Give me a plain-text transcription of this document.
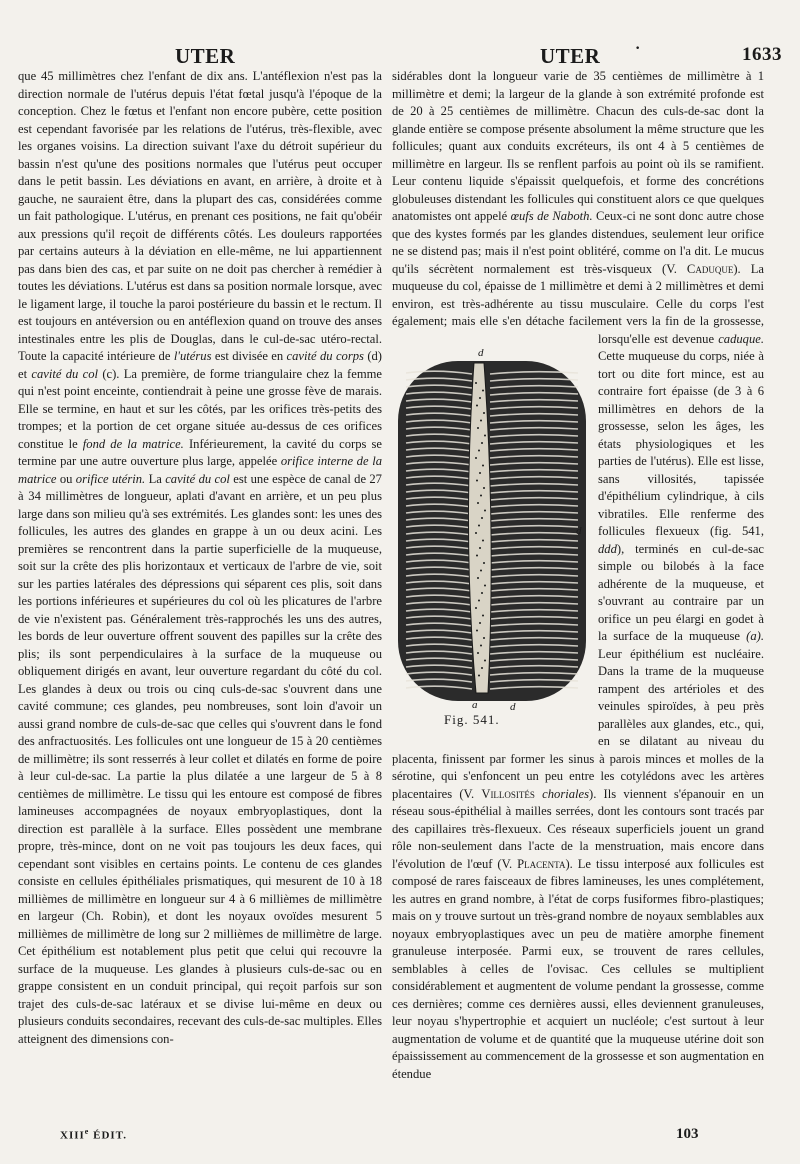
UTER	UTER ·	1633

que 45 millimètres chez l'enfant de dix ans. L'antéflexion n'est pas la direction normale de l'utérus depuis l'état fœtal jusqu'à l'époque de la conception. Chez le fœtus et l'enfant non encore pubère, cette position est cependant favorisée par les relations de l'utérus, très-flexible, avec les organes voisins. La direction suivant l'axe du détroit supérieur du bassin n'est qu'une des positions normales que l'utérus peut occuper dans le petit bassin. Les déviations en avant, en arrière, à droite et à gauche, ne sauraient être, dans la plupart des cas, considérées comme un fait pathologique. L'utérus, en prenant ces positions, ne fait qu'obéir aux pressions qu'il reçoit de différents côtés. Les douleurs rapportées par certains auteurs à la déviation en elle-même, ne lui appartiennent pas dans bien des cas, et par suite on ne doit pas chercher à remédier à toutes les déviations. L'utérus est dans sa position normale lorsque, avec le ligament large, il touche la paroi postérieure du bassin et le rectum. Il est toujours en antéversion ou en antéflexion quand on trouve des anses intestinales entre les plis de Douglas, dans le cul-de-sac utéro-rectal. Toute la capacité intérieure de l'utérus est divisée en cavité du corps (d) et cavité du col (c). La première, de forme triangulaire chez la femme qui n'est point enceinte, contiendrait à peine une grosse fève de marais. Elle se termine, en haut et sur les côtés, par les orifices très-petits des trompes; et la portion de cet organe située au-dessus de ces orifices constitue le fond de la matrice. Inférieurement, la cavité du corps se termine par une autre ouverture plus large, appelée orifice interne de la matrice ou orifice utérin. La cavité du col est une espèce de canal de 27 à 34 millimètres de longueur, aplati d'avant en arrière, et un peu plus large dans son milieu qu'à ses extrémités. Les glandes sont: les unes des follicules, les autres des glandes en grappe à un ou deux acini. Les premières se rencontrent dans la partie superficielle de la muqueuse, soit sur la crête des plis horizontaux et verticaux de l'arbre de vie, soit sur les parties latérales des dépressions qui séparent ces plis, soit dans les portions inférieures et supérieures du col où les plicatures de l'arbre de vie n'existent pas. Généralement très-rapprochés les uns des autres, les bords de leur ouverture offrent souvent des papilles sur la crête des plis; ils sont perpendiculaires à la surface de la muqueuse ou obliquement dirigés en avant, leur ouverture regardant du côté du col. Les glandes à deux ou trois ou cinq culs-de-sac s'ouvrent dans une cavité commune; ces glandes, peu nombreuses, sont loin d'avoir un aussi grand nombre de culs-de-sac que celles qui s'ouvrent dans le fond des anfractuosités. Les follicules ont une longueur de 15 à 20 centièmes de millimètre; ils sont resserrés à leur collet et dilatés en forme de poire à leur cul-de-sac. La partie la plus dilatée a une largeur de 5 à 8 centièmes de millimètre. Le tissu qui les entoure est composé de fibres lamineuses accompagnées de noyaux embryoplastiques, dont la direction est parallèle à la surface. Elles possèdent une membrane propre, très-mince, dont on ne voit pas toujours les deux faces, qui cependant sont visibles en certains points. Le contenu de ces glandes consiste en cellules épithéliales prismatiques, qui mesurent de 10 à 18 millièmes de millimètre en longueur sur 4 à 6 millièmes de millimètre en largeur (Ch. Robin), et dont les noyaux ovoïdes mesurent 5 millièmes de millimètre de long sur 2 millièmes de millimètre de large. Cet épithélium est notablement plus petit que celui qui recouvre la surface de la muqueuse. Les glandes à plusieurs culs-de-sac ou en grappe consistent en un conduit principal, qui reçoit parfois sur son trajet des culs-de-sac latéraux et se divise lui-même en deux ou plusieurs conduits secondaires, recevant des culs-de-sac multiples. Elles atteignent des dimensions con-

sidérables dont la longueur varie de 35 centièmes de millimètre à 1 millimètre et demi; la largeur de la glande à son extrémité profonde est de 20 à 25 centièmes de millimètre. Chacun des culs-de-sac dont la glande entière se compose présente absolument la même structure que les follicules; quant aux conduits excréteurs, ils ont 4 à 5 centièmes de millimètre en largeur. Ils se renflent parfois au point où ils se ramifient. Leur contenu liquide s'épaissit quelquefois, et forme des concrétions globuleuses distendant les follicules qui constituent alors ce que quelques anatomistes ont appelé œufs de Naboth. Ceux-ci ne sont donc autre chose que des kystes formés par les glandes distendues, seulement leur orifice ne se distend pas; mais il n'est point oblitéré, comme on l'a dit. Le mucus qu'ils sécrètent normalement est très-visqueux (V. Caduque). La muqueuse du col, épaisse de 1 millimètre et demi à 2 millimètres et demi environ, est très-adhérente au tissu musculaire. Celle du corps l'est également; mais elle s'en détache facilement vers la fin de la grossesse, lorsqu'elle est devenue
d
d
a	d
Fig. 541.
caduque. Cette muqueuse du corps, niée à tort ou dite fort mince, est au contraire fort épaisse (de 3 à 6 millimètres en dehors de la grossesse, selon les âges, les états physiologiques et les parties de l'utérus). Elle est lisse, sans villosités, tapissée d'épithélium cylindrique, à cils vibratiles. Elle renferme des follicules flexueux (fig. 541, ddd), terminés en cul-de-sac simple ou bilobés à la face adhérente de la muqueuse, et s'ouvrant au contraire par un orifice un peu élargi en godet à la surface de la muqueuse (a). Leur épithélium est nucléaire. Dans la trame de la muqueuse rampent des artérioles et des veinules spiroïdes, à peu près parallèles aux glandes, etc., qui, en se dilatant au niveau du placenta, finissent par former les sinus à parois minces et molles de la sérotine, qui s'enfoncent un peu entre les cotylédons avec les artères placentaires (V. Villosités choriales). Ils viennent s'épanouir en un réseau sous-épithélial à mailles serrées, dont les contours sont tracés par des capillaires très-flexueux. Ces réseaux superficiels jouent un grand rôle non-seulement dans l'acte de la menstruation, mais encore dans l'évolution de l'œuf (V. Placenta). Le tissu interposé aux follicules est composé de rares faisceaux de fibres lamineuses, les unes complétement, les autres en grand nombre, à l'état de corps fusiformes fibro-plastiques; mais on y trouve surtout un très-grand nombre de noyaux semblables aux noyaux embryoplastiques avec un peu de matière amorphe finement granuleuse interposée. Parmi eux, se trouvent de rares cellules, semblables à celles de l'ovisac. Ces cellules se multiplient considérablement et augmentent de volume pendant la grossesse, comme ces dernières; comme ces dernières aussi, elles deviennent granuleuses, leur noyau s'hypertrophie et acquiert un nucléole; c'est surtout à leur augmentation de volume et de quantité que la muqueuse utérine doit son épaississement au commencement de la grossesse et son augmentation en étendue

XIIIe ÉDIT.	103
